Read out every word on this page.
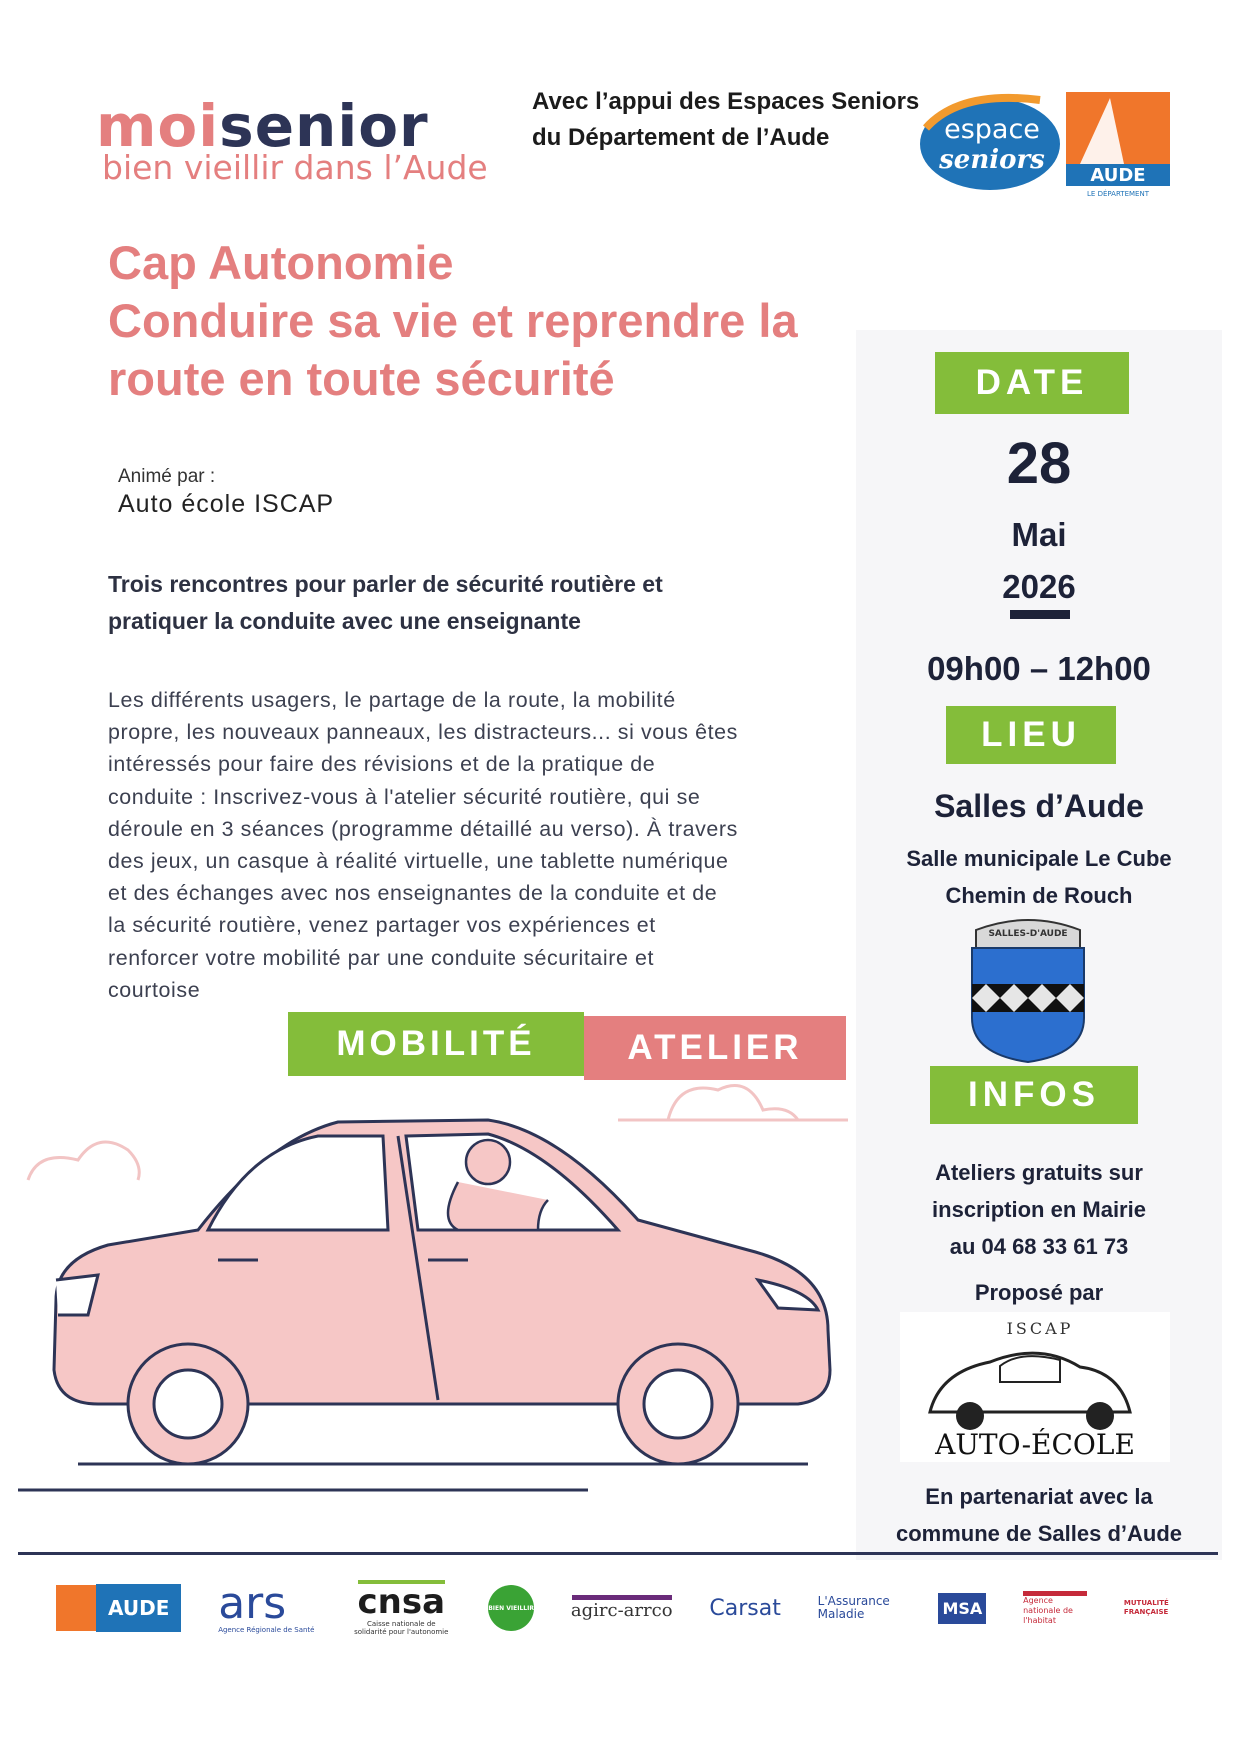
moisenior
bien vieillir dans l’Aude
Avec l’appui des Espaces Seniors
du Département de l’Aude	espace
seniors
AUDE
LE DÉPARTEMENT
Cap Autonomie
Conduire sa vie et reprendre la
route en toute sécurité
Animé par :
Auto école ISCAP
Trois rencontres pour parler de sécurité routière et
pratiquer la conduite avec une enseignante
Les différents usagers, le partage de la route, la mobilité
propre, les nouveaux panneaux, les distracteurs... si vous êtes
intéressés pour faire des révisions et de la pratique de
conduite : Inscrivez-vous à l'atelier sécurité routière, qui se
déroule en 3 séances (programme détaillé au verso). À travers
des jeux, un casque à réalité virtuelle, une tablette numérique
et des échanges avec nos enseignantes de la conduite et de
la sécurité routière, venez partager vos expériences et
renforcer votre mobilité par une conduite sécuritaire et
courtoise
MOBILITÉ	ATELIER
DATE
28
Mai
2026
09h00 – 12h00
LIEU
Salles d’Aude
Salle municipale Le Cube
Chemin de Rouch
SALLES-D'AUDE
INFOS
Ateliers gratuits sur
inscription en Mairie
au 04 68 33 61 73
Proposé par
ISCAP
AUTO-ÉCOLE
En partenariat avec la
commune de Salles d’Aude
AUDE ars
Agence Régionale de Santé
cnsa
Caisse nationale de solidarité pour l'autonomie
BIEN VIEILLIR agirc-arrco Carsat	L'Assurance Maladie	MSA	Agence nationale de l'habitat
MUTUALITÉ FRANÇAISE
